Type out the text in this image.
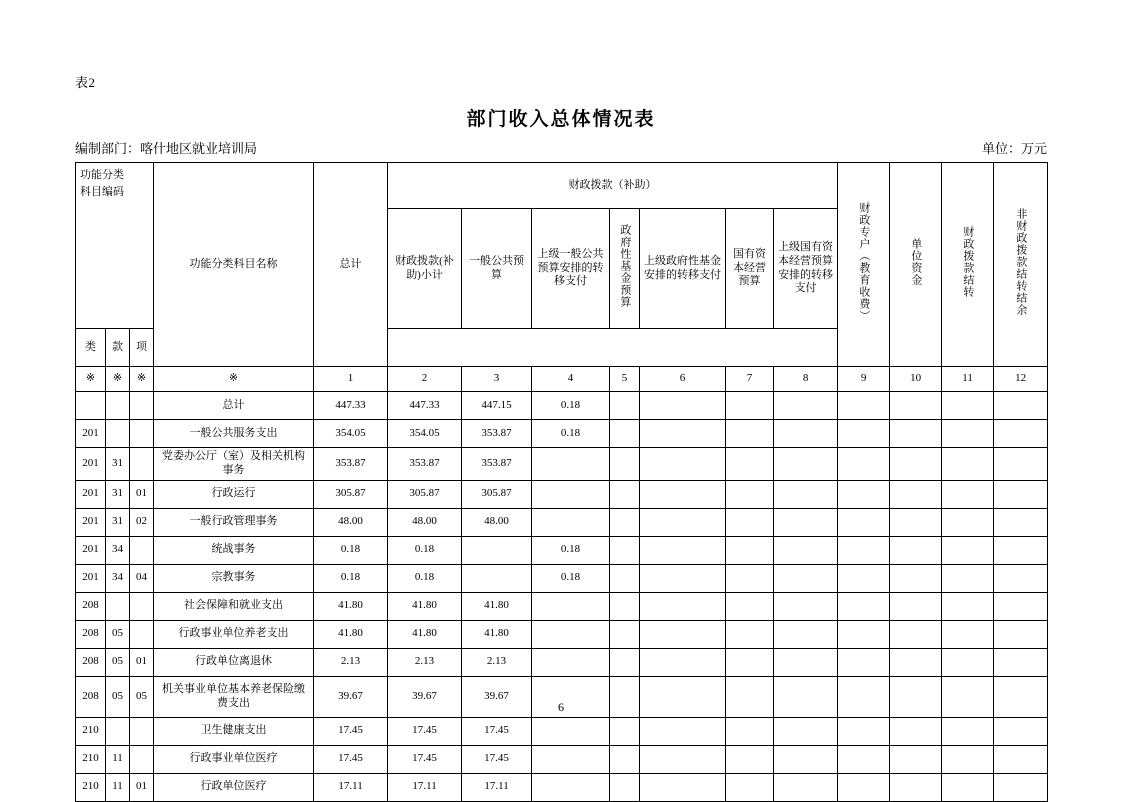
表2
部门收入总体情况表
编制部门：喀什地区就业培训局	单位：万元
功能分类
科目编码			功能分类科目名称	总计	财政拨款（补助）							财政专户（教育收费）	单位资金	财政拨款结转	非财政拨款结转结余
					财政拨款(补助)小计	一般公共预算	上级一般公共预算安排的转移支付	政府性基金预算	上级政府性基金安排的转移支付	国有资本经营预算	上级国有资本经营预算安排的转移支付				
类	款	项													
※	※	※	※	1	2	3	4	5	6	7	8	9	10	11	12
			总计	447.33	447.33	447.15	0.18								
201			一般公共服务支出	354.05	354.05	353.87	0.18								
201	31		党委办公厅（室）及相关机构事务	353.87	353.87	353.87									
201	31	01	行政运行	305.87	305.87	305.87									
201	31	02	一般行政管理事务	48.00	48.00	48.00									
201	34		统战事务	0.18	0.18		0.18								
201	34	04	宗教事务	0.18	0.18		0.18								
208			社会保障和就业支出	41.80	41.80	41.80									
208	05		行政事业单位养老支出	41.80	41.80	41.80									
208	05	01	行政单位离退休	2.13	2.13	2.13									
208	05	05	机关事业单位基本养老保险缴费支出	39.67	39.67	39.67									
210			卫生健康支出	17.45	17.45	17.45									
210	11		行政事业单位医疗	17.45	17.45	17.45									
210	11	01	行政单位医疗	17.11	17.11	17.11									
6
